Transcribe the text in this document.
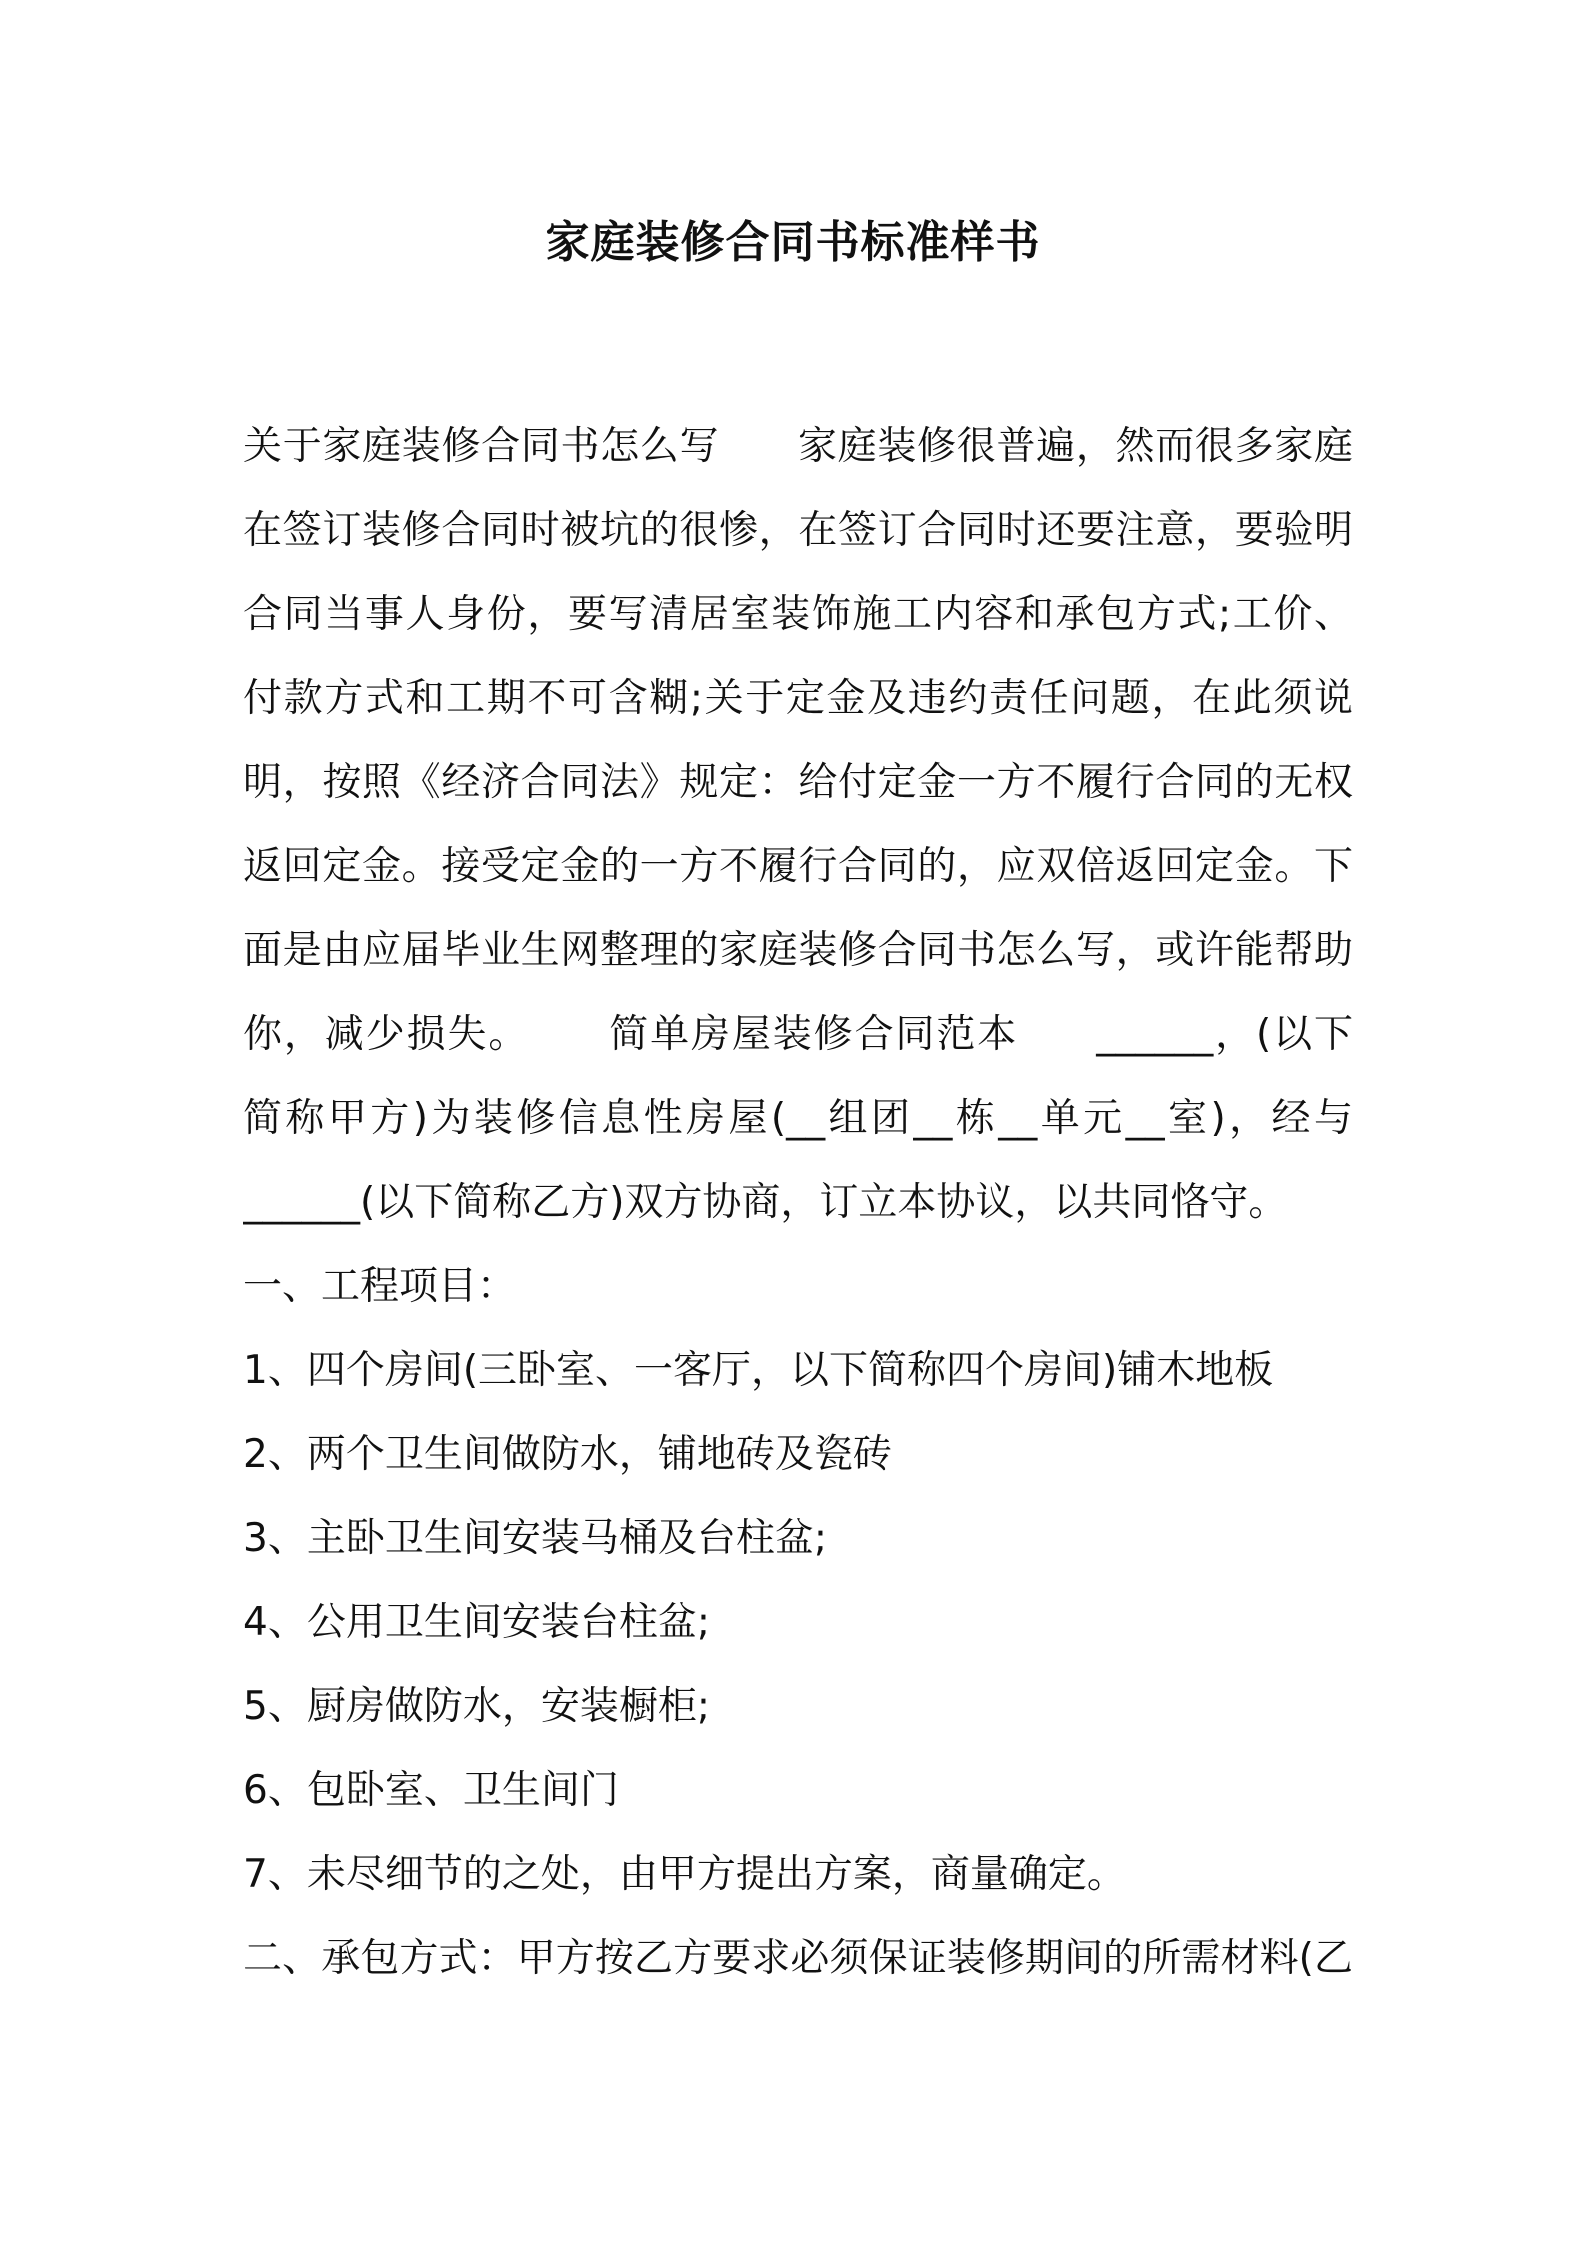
家庭装修合同书标准样书
关于家庭装修合同书怎么写 家庭装修很普遍，然而很多家庭
在签订装修合同时被坑的很惨，在签订合同时还要注意，要验明
合同当事人身份，要写清居室装饰施工内容和承包方式;工价、
付款方式和工期不可含糊;关于定金及违约责任问题，在此须说
明，按照《经济合同法》规定：给付定金一方不履行合同的无权
返回定金。接受定金的一方不履行合同的，应双倍返回定金。下
面是由应届毕业生网整理的家庭装修合同书怎么写，或许能帮助
你，减少损失。 简单房屋装修合同范本 ______，(以下
简称甲方)为装修信息性房屋(__组团__栋__单元__室)，经与
______(以下简称乙方)双方协商，订立本协议，以共同恪守。
一、工程项目：
1、四个房间(三卧室、一客厅，以下简称四个房间)铺木地板
2、两个卫生间做防水，铺地砖及瓷砖
3、主卧卫生间安装马桶及台柱盆;
4、公用卫生间安装台柱盆;
5、厨房做防水，安装橱柜;
6、包卧室、卫生间门
7、未尽细节的之处，由甲方提出方案，商量确定。
二、承包方式：甲方按乙方要求必须保证装修期间的所需材料(乙
